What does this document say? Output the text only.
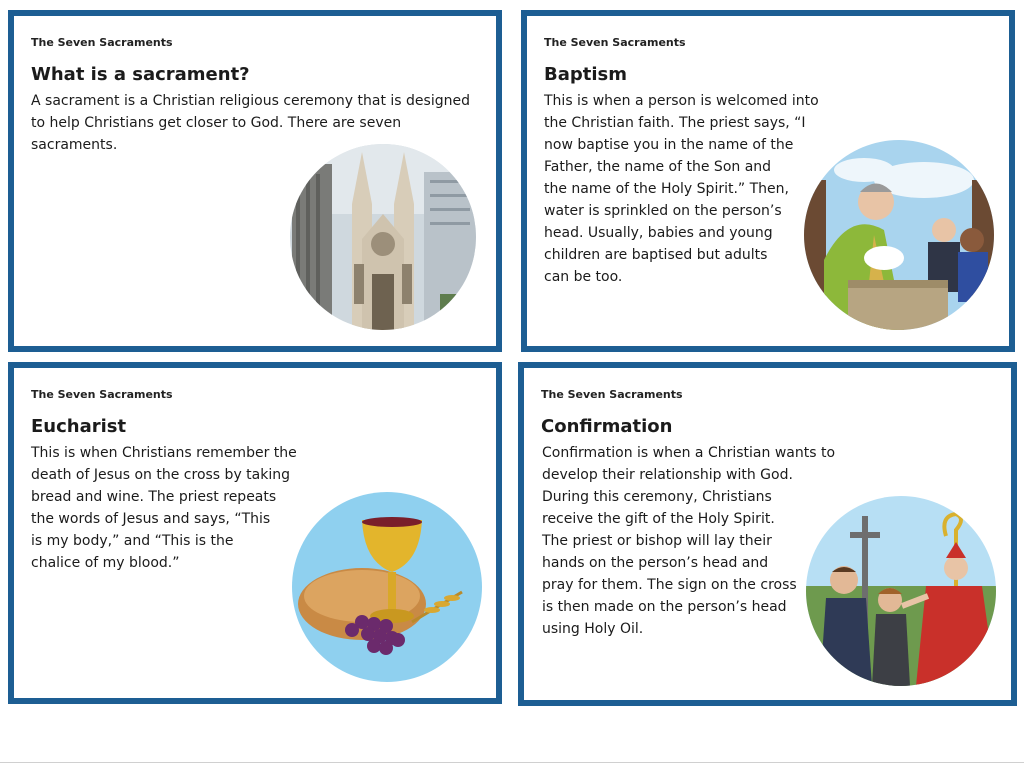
The Seven Sacraments
What is a sacrament?

A sacrament is a Christian religious ceremony that is designed to help Christians get closer to God. There are seven sacraments.

The Seven Sacraments
Baptism

This is when a person is welcomed into the Christian faith. The priest says, “I now baptise you in the name of the Father, the name of the Son and the name of the Holy Spirit.” Then, water is sprinkled on the person’s head. Usually, babies and young children are baptised but adults can be too.

The Seven Sacraments
Eucharist

This is when Christians remember the death of Jesus on the cross by taking bread and wine. The priest repeats the words of Jesus and says, “This is my body,” and “This is the chalice of my blood.”

The Seven Sacraments
Confirmation

Confirmation is when a Christian wants to develop their relationship with God. During this ceremony, Christians receive the gift of the Holy Spirit. The priest or bishop will lay their hands on the person’s head and pray for them. The sign on the cross is then made on the person’s head using Holy Oil.
